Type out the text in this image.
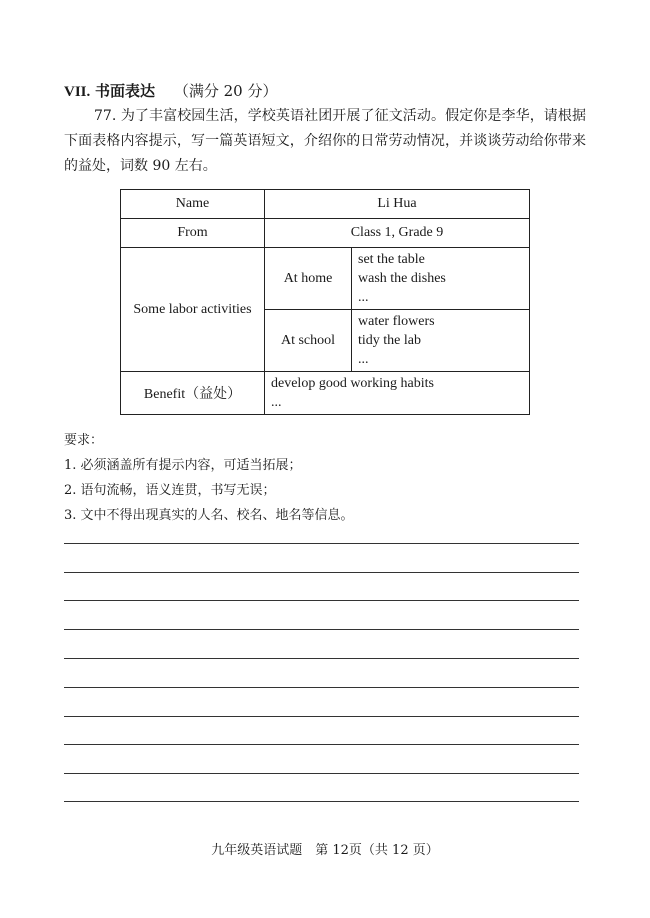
VII. 书面表达 （满分 20 分）

77. 为了丰富校园生活，学校英语社团开展了征文活动。假定你是李华，请根据下面表格内容提示，写一篇英语短文，介绍你的日常劳动情况，并谈谈劳动给你带来的益处，词数 90 左右。

Name	Li Hua	
From	Class 1, Grade 9	
Some labor activities	At home	set the table
wash the dishes
...

	At school	water flowers
tidy the lab
...

Benefit（益处）	develop good working habits
...	
要求：
1. 必须涵盖所有提示内容，可适当拓展；
2. 语句流畅，语义连贯，书写无误；
3. 文中不得出现真实的人名、校名、地名等信息。
九年级英语试题　第 12页（共 12 页）
